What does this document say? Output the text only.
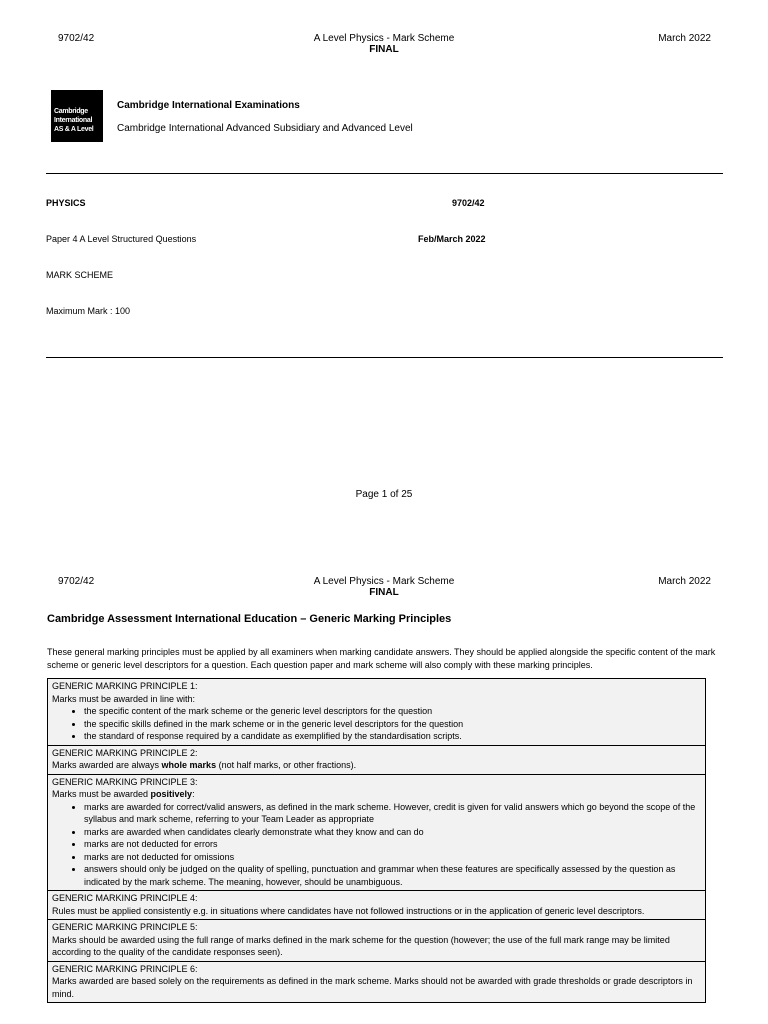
9702/42	A Level Physics - Mark Scheme
FINAL
March 2022
Cambridge
International
AS & A Level
Cambridge International Examinations
Cambridge International Advanced Subsidiary and Advanced Level
PHYSICS	9702/42
Paper 4 A Level Structured Questions	Feb/March 2022
MARK SCHEME
Maximum Mark : 100
Page 1 of 25
9702/42	A Level Physics - Mark Scheme
FINAL
March 2022
Cambridge Assessment International Education – Generic Marking Principles
These general marking principles must be applied by all examiners when marking candidate answers. They should be applied alongside the specific content of the mark scheme or generic level descriptors for a question. Each question paper and mark scheme will also comply with these marking principles.
GENERIC MARKING PRINCIPLE 1:
Marks must be awarded in line with:
• the specific content of the mark scheme or the generic level descriptors for the question
• the specific skills defined in the mark scheme or in the generic level descriptors for the question
• the standard of response required by a candidate as exemplified by the standardisation scripts.
GENERIC MARKING PRINCIPLE 2:
Marks awarded are always whole marks (not half marks, or other fractions).
GENERIC MARKING PRINCIPLE 3:
Marks must be awarded positively:
• marks are awarded for correct/valid answers, as defined in the mark scheme. However, credit is given for valid answers which go beyond the scope of the syllabus and mark scheme, referring to your Team Leader as appropriate
• marks are awarded when candidates clearly demonstrate what they know and can do
• marks are not deducted for errors
• marks are not deducted for omissions
• answers should only be judged on the quality of spelling, punctuation and grammar when these features are specifically assessed by the question as indicated by the mark scheme. The meaning, however, should be unambiguous.
GENERIC MARKING PRINCIPLE 4:
Rules must be applied consistently e.g. in situations where candidates have not followed instructions or in the application of generic level descriptors.
GENERIC MARKING PRINCIPLE 5:
Marks should be awarded using the full range of marks defined in the mark scheme for the question (however; the use of the full mark range may be limited according to the quality of the candidate responses seen).
GENERIC MARKING PRINCIPLE 6:
Marks awarded are based solely on the requirements as defined in the mark scheme. Marks should not be awarded with grade thresholds or grade descriptors in mind.
